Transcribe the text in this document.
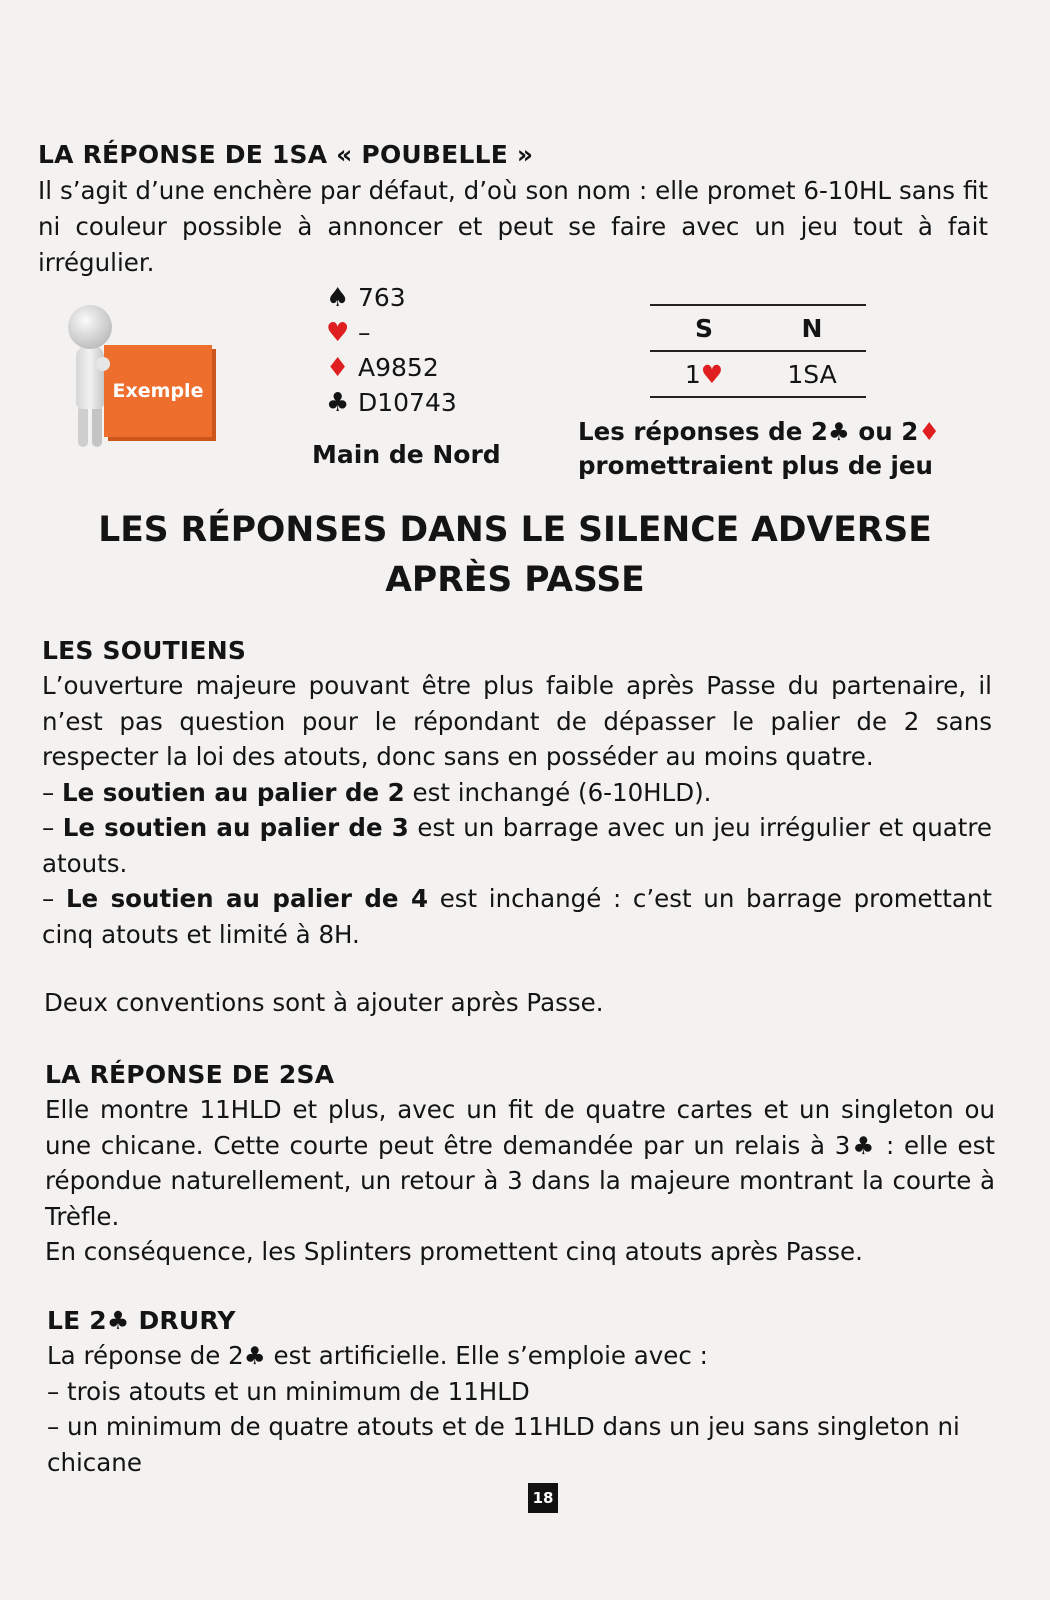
LA RÉPONSE DE 1SA « POUBELLE »

Il s’agit d’une enchère par défaut, d’où son nom : elle promet 6-10HL sans fit ni couleur possible à annoncer et peut se faire avec un jeu tout à fait irrégulier.

Exemple
♠ 763
♥ –
♦ A9852
♣ D10743
Main de Nord
S	N
1♥	1SA
Les réponses de 2♣ ou 2♦
promettraient plus de jeu
LES RÉPONSES DANS LE SILENCE ADVERSE
APRÈS PASSE
LES SOUTIENS

L’ouverture majeure pouvant être plus faible après Passe du partenaire, il n’est pas question pour le répondant de dépasser le palier de 2 sans respecter la loi des atouts, donc sans en posséder au moins quatre.

– Le soutien au palier de 2 est inchangé (6-10HLD).

– Le soutien au palier de 3 est un barrage avec un jeu irrégulier et quatre atouts.

– Le soutien au palier de 4 est inchangé : c’est un barrage promettant cinq atouts et limité à 8H.

Deux conventions sont à ajouter après Passe.
LA RÉPONSE DE 2SA

Elle montre 11HLD et plus, avec un fit de quatre cartes et un singleton ou une chicane. Cette courte peut être demandée par un relais à 3♣ : elle est répondue naturellement, un retour à 3 dans la majeure montrant la courte à Trèfle.

En conséquence, les Splinters promettent cinq atouts après Passe.

LE 2♣ DRURY

La réponse de 2♣ est artificielle. Elle s’emploie avec :

– trois atouts et un minimum de 11HLD

– un minimum de quatre atouts et de 11HLD dans un jeu sans singleton ni chicane

18
